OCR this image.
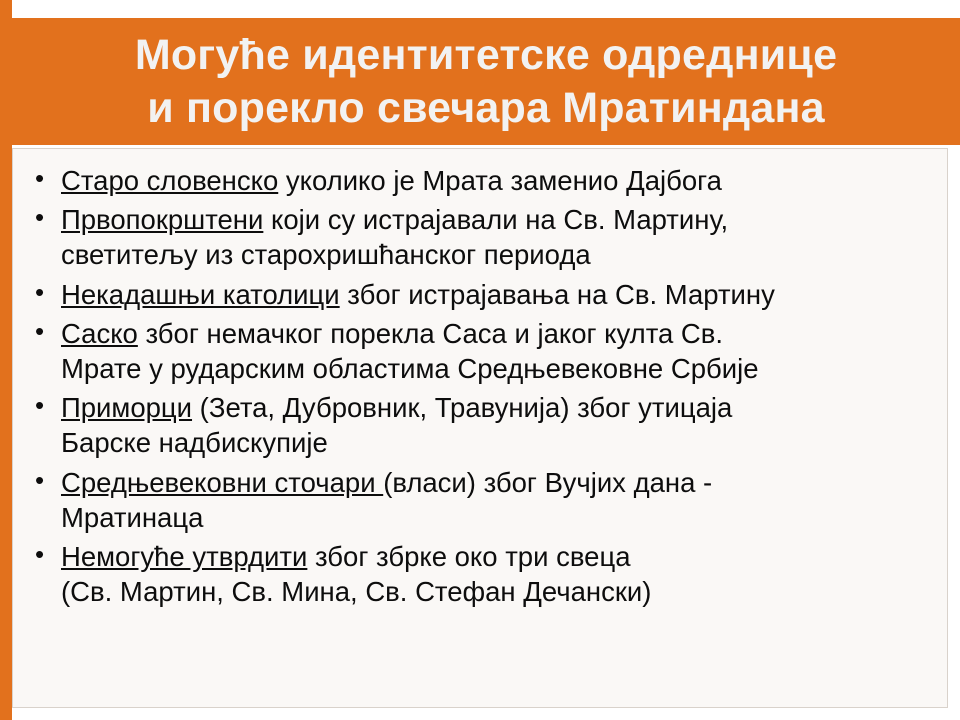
Могуће идентитетске одреднице
и порекло свечара Мратиндана
• Старо словенско уколико је Мрата заменио Дајбога
• Првопокрштени који су истрајавали на Св. Мартину,
светитељу из старохришћанског периода
• Некадашњи католици због истрајавања на Св. Мартину
• Саско због немачког порекла Саса и јаког култа Св.
Мрате у рударским областима Средњевековне Србије
• Приморци (Зета, Дубровник, Травунија) због утицаја
Барске надбискупије
• Средњевековни сточари (власи) због Вучјих дана -
Мратинаца
• Немогуће утврдити због збрке око три свеца
(Св. Мартин, Св. Мина, Св. Стефан Дечански)
